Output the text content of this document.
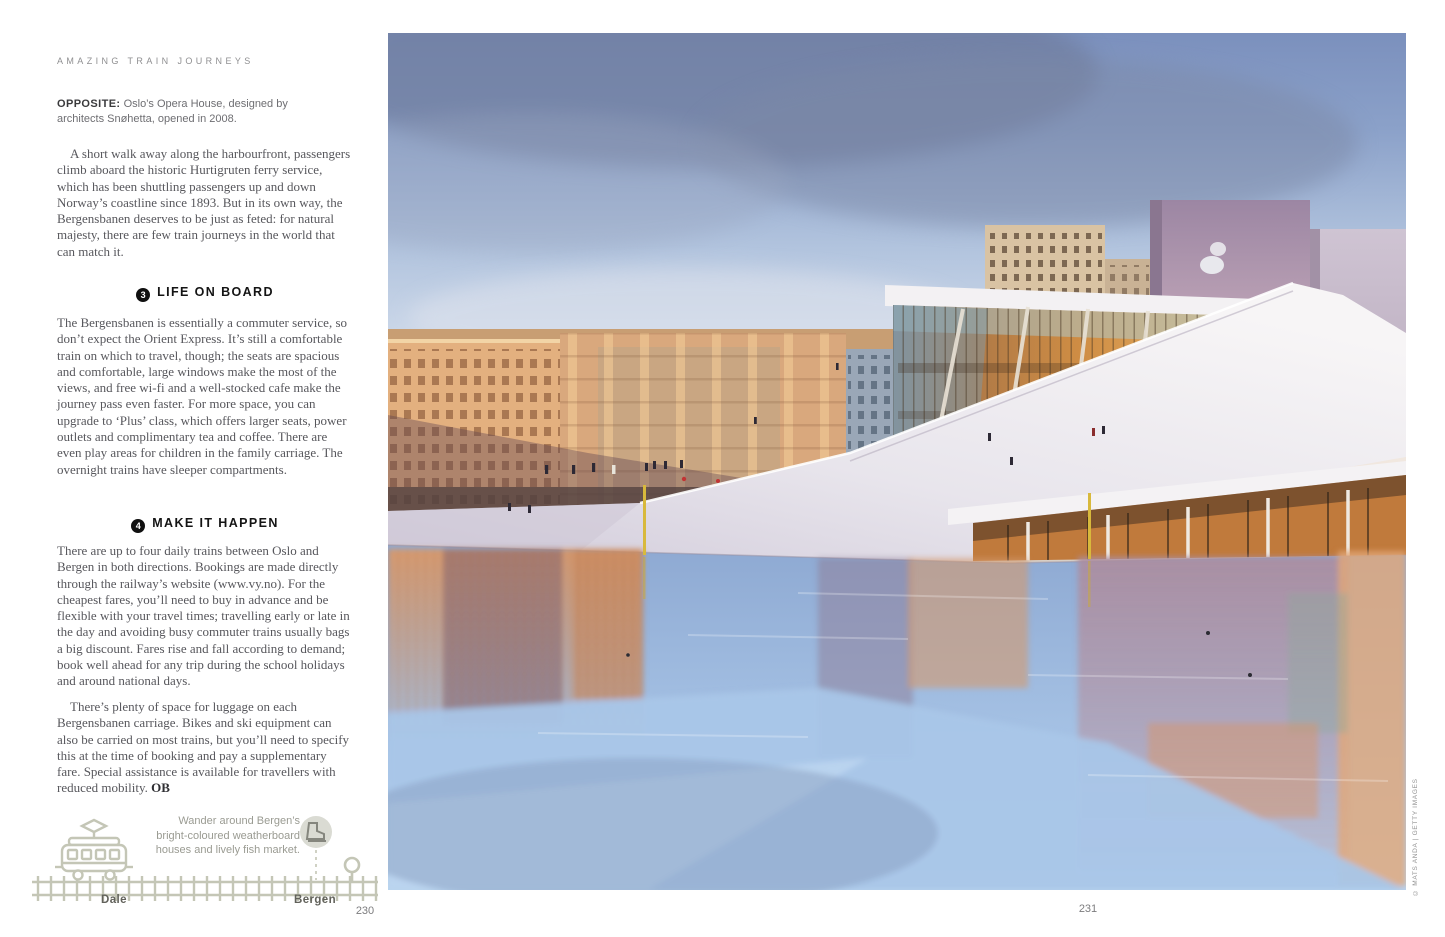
AMAZING TRAIN JOURNEYS

OPPOSITE: Oslo’s Opera House, designed by architects Snøhetta, opened in 2008.

A short walk away along the harbourfront, passengers climb aboard the historic Hurtigruten ferry service, which has been shuttling passengers up and down Norway’s coastline since 1893. But in its own way, the Bergensbanen deserves to be just as feted: for natural majesty, there are few train journeys in the world that can match it.

3 LIFE ON BOARD

The Bergensbanen is essentially a commuter service, so don’t expect the Orient Express. It’s still a comfortable train on which to travel, though; the seats are spacious and comfortable, large windows make the most of the views, and free wi-fi and a well-stocked cafe make the journey pass even faster. For more space, you can upgrade to ‘Plus’ class, which offers larger seats, power outlets and complimentary tea and coffee. There are even play areas for children in the family carriage. The overnight trains have sleeper compartments.

4 MAKE IT HAPPEN

There are up to four daily trains between Oslo and Bergen in both directions. Bookings are made directly through the railway’s website (www.vy.no). For the cheapest fares, you’ll need to buy in advance and be flexible with your travel times; travelling early or late in the day and avoiding busy commuter trains usually bags a big discount. Fares rise and fall according to demand; book well ahead for any trip during the school holidays and around national days.

There’s plenty of space for luggage on each Bergensbanen carriage. Bikes and ski equipment can also be carried on most trains, but you’ll need to specify this at the time of booking and pay a supplementary fare. Special assistance is available for travellers with reduced mobility. OB

Wander around Bergen’s bright-coloured weatherboard houses and lively fish market.
Dale	Bergen
230	231
© MATS ANDA | GETTY IMAGES
